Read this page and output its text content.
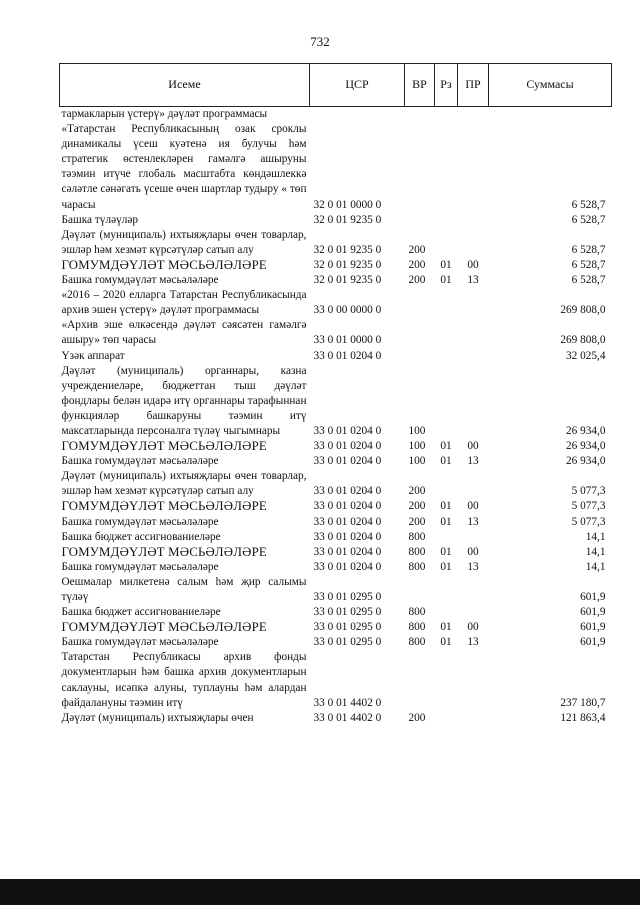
732
Исеме	ЦСР	ВР	Рз	ПР	Суммасы
тармакларын үстерү» дәүләт программасы					
«Татарстан Республикасының озак сроклы динамикалы үсеш куәтенә ия булучы һәм стратегик өстенлекләрен гамәлгә ашыруны тәэмин итүче глобаль масштабта көндәшлеккә сәләтле сәнәгать үсеше өчен шартлар тудыру « төп чарасы	32 0 01 0000 0				6 528,7
Башка түләүләр	32 0 01 9235 0				6 528,7
Дәүләт (муниципаль) ихтыяҗлары өчен товарлар, эшләр һәм хезмәт күрсәтүләр сатып алу	32 0 01 9235 0	200			6 528,7
ГОМУМДӘҮЛӘТ МӘСЬӘЛӘЛӘРЕ	32 0 01 9235 0	200	01	00	6 528,7
Башка гомумдәүләт мәсьәләләре	32 0 01 9235 0	200	01	13	6 528,7
«2016 – 2020 елларга Татарстан Республикасында архив эшен үстерү» дәүләт программасы	33 0 00 0000 0				269 808,0
«Архив эше өлкәсендә дәүләт сәясәтен гамәлгә ашыру» төп чарасы	33 0 01 0000 0				269 808,0
Үзәк аппарат	33 0 01 0204 0				32 025,4
Дәүләт (муниципаль) органнары, казна учреждениеләре, бюджеттан тыш дәүләт фондлары белән идарә итү органнары тарафыннан функцияләр башкаруны тәэмин итү максатларында персоналга түләү чыгымнары	33 0 01 0204 0	100			26 934,0
ГОМУМДӘҮЛӘТ МӘСЬӘЛӘЛӘРЕ	33 0 01 0204 0	100	01	00	26 934,0
Башка гомумдәүләт мәсьәләләре	33 0 01 0204 0	100	01	13	26 934,0
Дәүләт (муниципаль) ихтыяҗлары өчен товарлар, эшләр һәм хезмәт күрсәтүләр сатып алу	33 0 01 0204 0	200			5 077,3
ГОМУМДӘҮЛӘТ МӘСЬӘЛӘЛӘРЕ	33 0 01 0204 0	200	01	00	5 077,3
Башка гомумдәүләт мәсьәләләре	33 0 01 0204 0	200	01	13	5 077,3
Башка бюджет ассигнованиеләре	33 0 01 0204 0	800			14,1
ГОМУМДӘҮЛӘТ МӘСЬӘЛӘЛӘРЕ	33 0 01 0204 0	800	01	00	14,1
Башка гомумдәүләт мәсьәләләре	33 0 01 0204 0	800	01	13	14,1
Оешмалар милкетенә салым һәм җир салымы түләү	33 0 01 0295 0				601,9
Башка бюджет ассигнованиеләре	33 0 01 0295 0	800			601,9
ГОМУМДӘҮЛӘТ МӘСЬӘЛӘЛӘРЕ	33 0 01 0295 0	800	01	00	601,9
Башка гомумдәүләт мәсьәләләре	33 0 01 0295 0	800	01	13	601,9
Татарстан Республикасы архив фонды документларын һәм башка архив документларын саклауны, исәпкә алуны, туплауны һәм алардан файдалануны тәэмин итү	33 0 01 4402 0				237 180,7
Дәүләт (муниципаль) ихтыяҗлары өчен	33 0 01 4402 0	200			121 863,4
